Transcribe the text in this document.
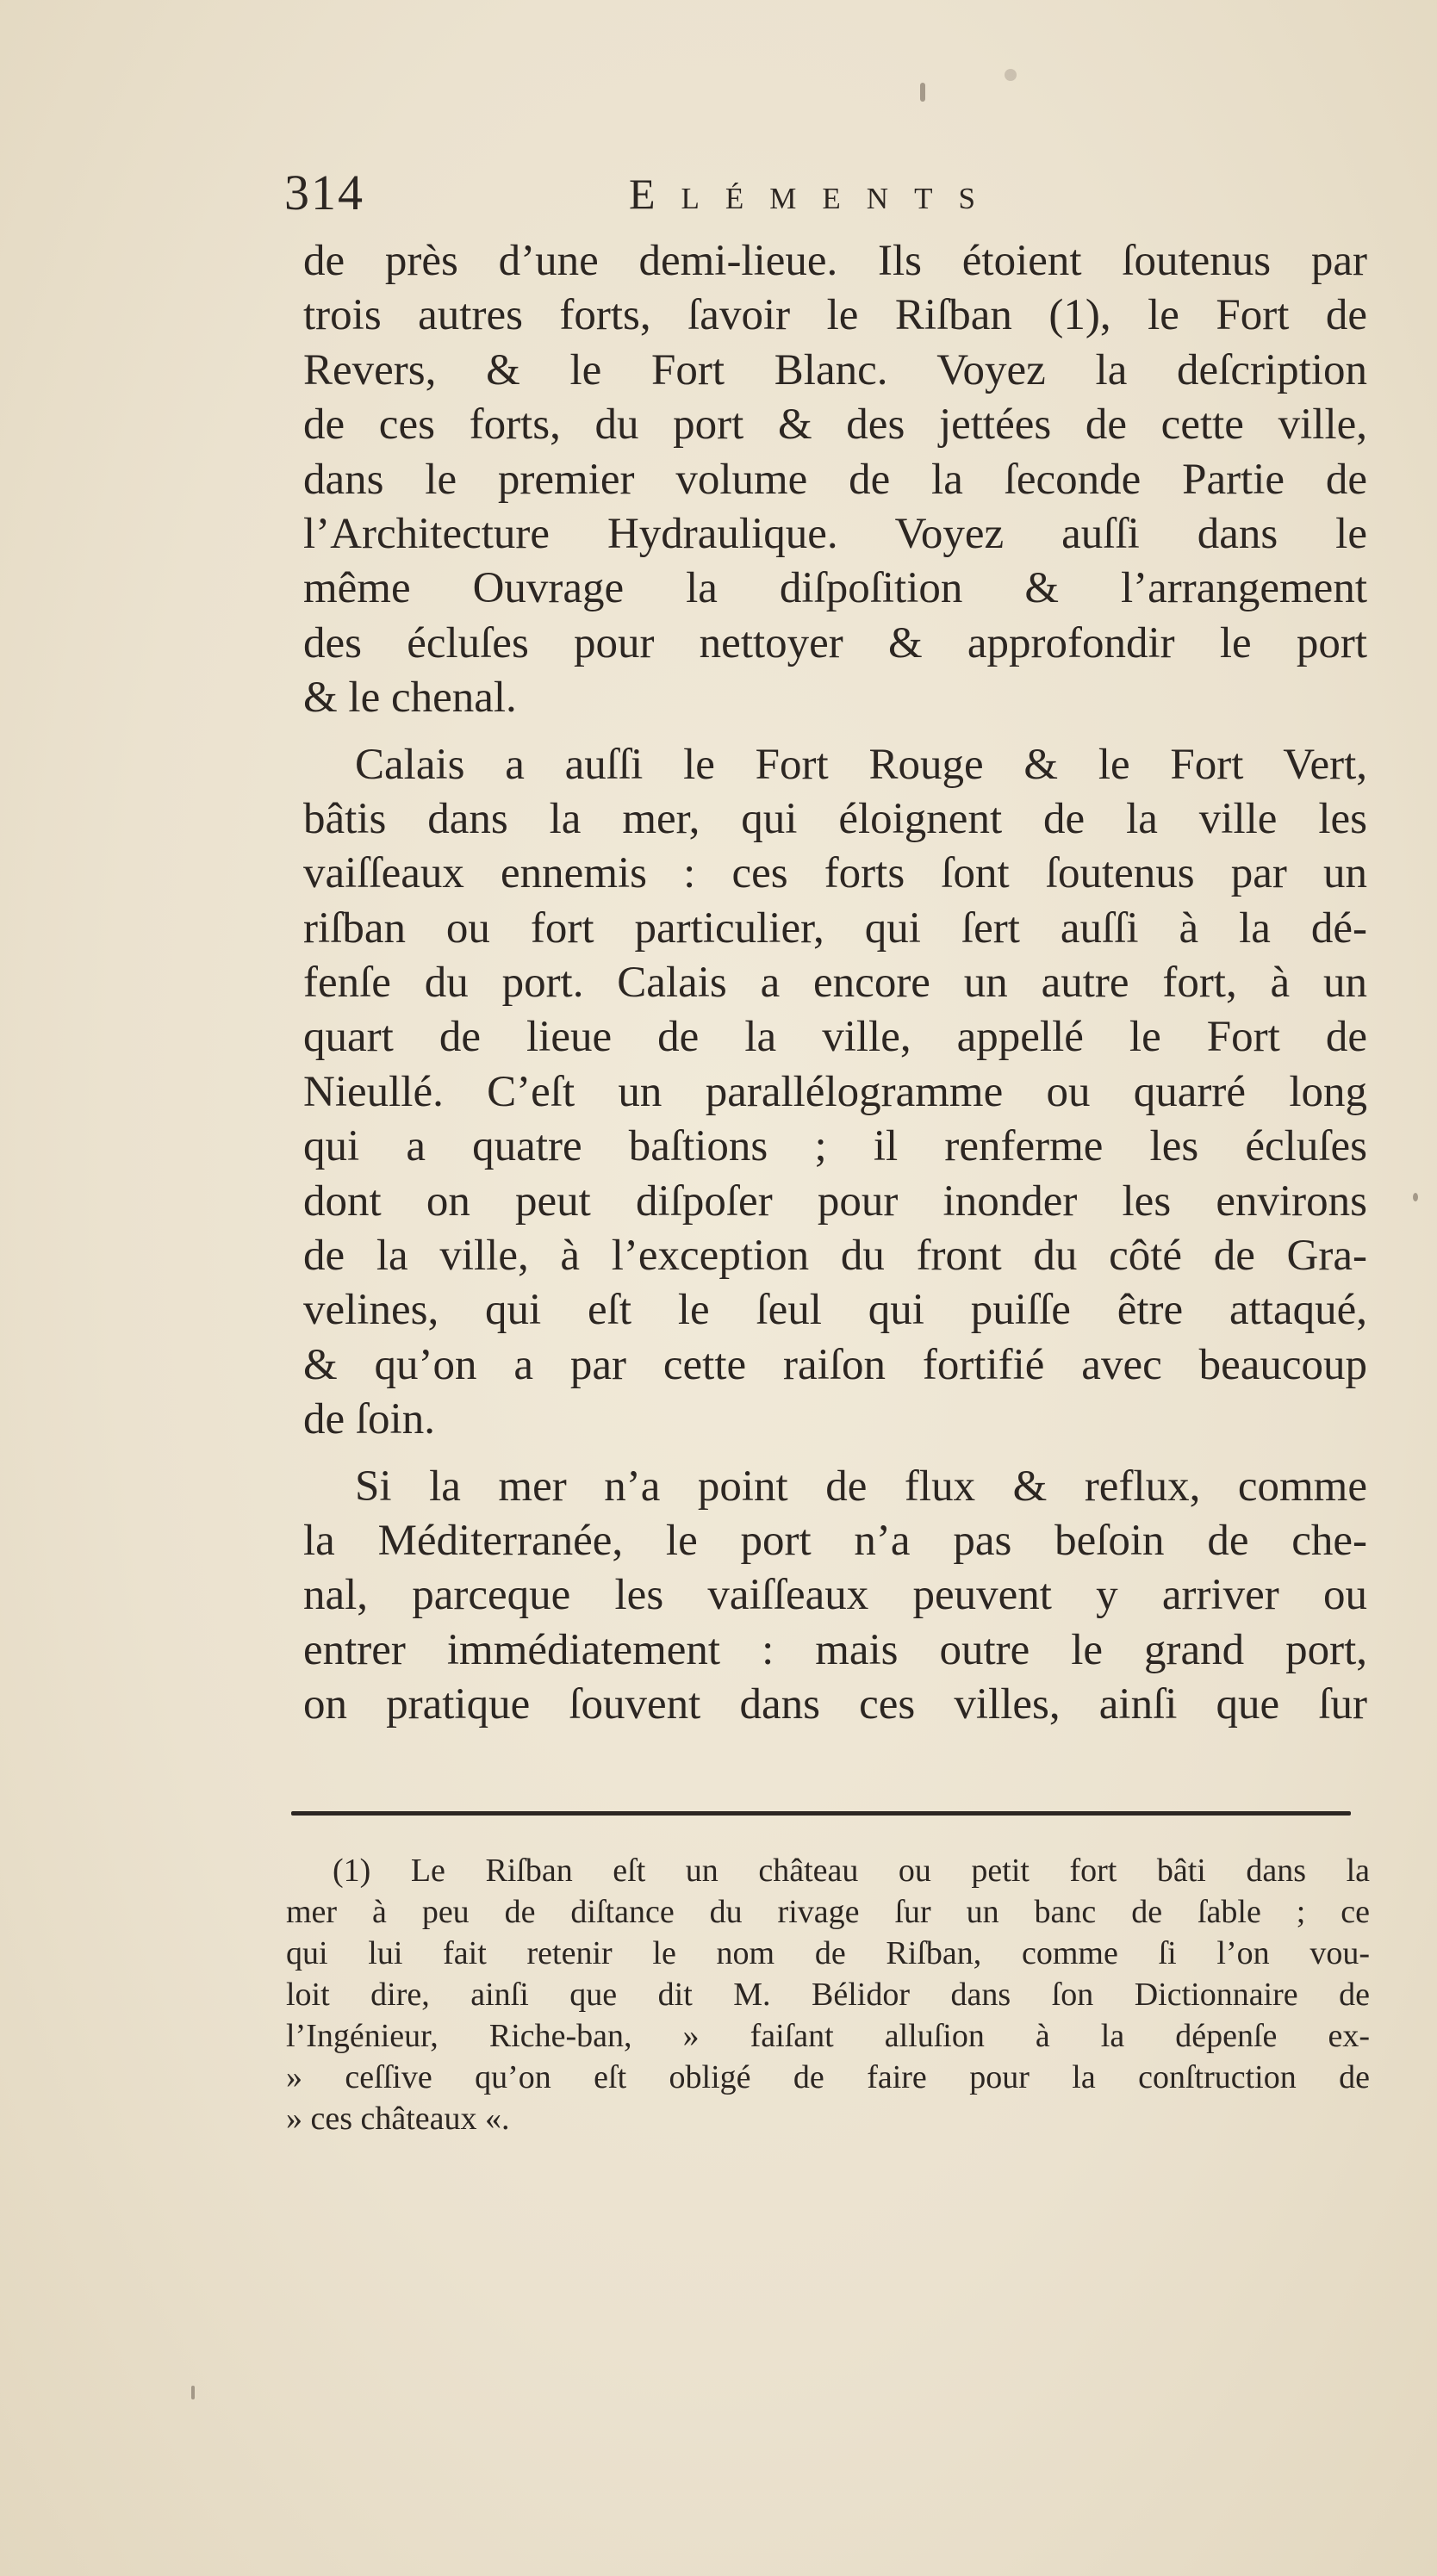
314	Eléments
de près d’une demi-lieue. Ils étoient ſoutenus par
trois autres forts, ſavoir le Riſban (1), le Fort de
Revers, & le Fort Blanc. Voyez la deſcription
de ces forts, du port & des jettées de cette ville,
dans le premier volume de la ſeconde Partie de
l’Architecture Hydraulique. Voyez auſſi dans le
même Ouvrage la diſpoſition & l’arrangement
des écluſes pour nettoyer & approfondir le port
& le chenal.
Calais a auſſi le Fort Rouge & le Fort Vert,
bâtis dans la mer, qui éloignent de la ville les
vaiſſeaux ennemis : ces forts ſont ſoutenus par un
riſban ou fort particulier, qui ſert auſſi à la dé-
fenſe du port. Calais a encore un autre fort, à un
quart de lieue de la ville, appellé le Fort de
Nieullé. C’eſt un parallélogramme ou quarré long
qui a quatre baſtions ; il renferme les écluſes
dont on peut diſpoſer pour inonder les environs
de la ville, à l’exception du front du côté de Gra-
velines, qui eſt le ſeul qui puiſſe être attaqué,
& qu’on a par cette raiſon fortifié avec beaucoup
de ſoin.
Si la mer n’a point de flux & reflux, comme
la Méditerranée, le port n’a pas beſoin de che-
nal, parceque les vaiſſeaux peuvent y arriver ou
entrer immédiatement : mais outre le grand port,
on pratique ſouvent dans ces villes, ainſi que ſur
(1) Le Riſban eſt un château ou petit fort bâti dans la
mer à peu de diſtance du rivage ſur un banc de ſable ; ce
qui lui fait retenir le nom de Riſban, comme ſi l’on vou-
loit dire, ainſi que dit M. Bélidor dans ſon Dictionnaire de
l’Ingénieur, Riche-ban, » faiſant alluſion à la dépenſe ex-
» ceſſive qu’on eſt obligé de faire pour la conſtruction de
» ces châteaux «.
